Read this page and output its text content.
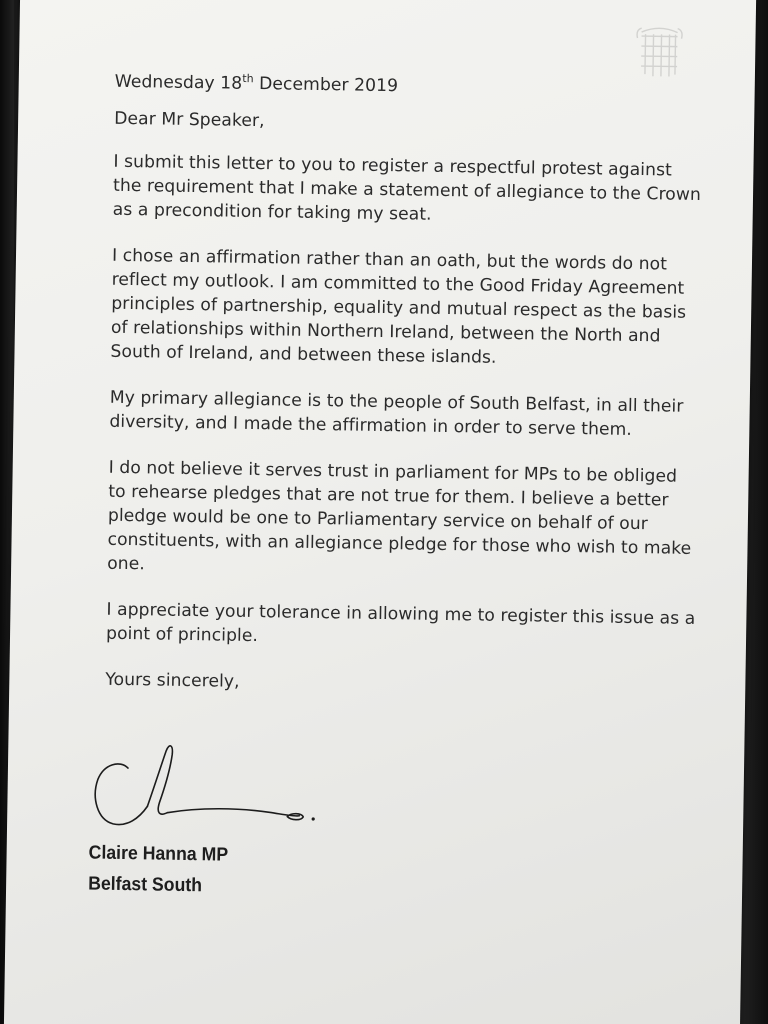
Wednesday 18th December 2019
Dear Mr Speaker,

I submit this letter to you to register a respectful protest against the requirement that I make a statement of allegiance to the Crown as a precondition for taking my seat.

I chose an affirmation rather than an oath, but the words do not reflect my outlook. I am committed to the Good Friday Agreement principles of partnership, equality and mutual respect as the basis of relationships within Northern Ireland, between the North and South of Ireland, and between these islands.

My primary allegiance is to the people of South Belfast, in all their diversity, and I made the affirmation in order to serve them.

I do not believe it serves trust in parliament for MPs to be obliged to rehearse pledges that are not true for them. I believe a better pledge would be one to Parliamentary service on behalf of our constituents, with an allegiance pledge for those who wish to make one.

I appreciate your tolerance in allowing me to register this issue as a point of principle.

Yours sincerely,
Claire Hanna MP
Belfast South
